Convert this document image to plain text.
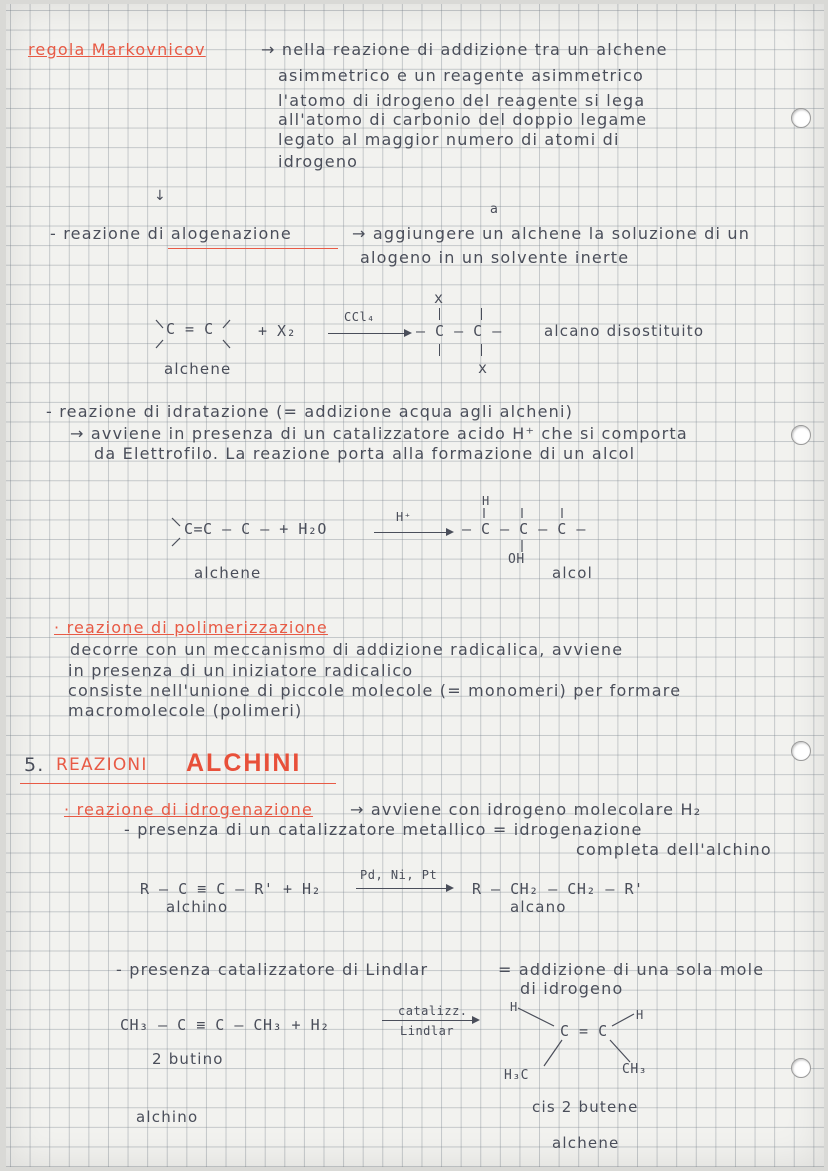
regola Markovnicov	→ nella reazione di addizione tra un alchene
asimmetrico e un reagente asimmetrico
l'atomo di idrogeno del reagente si lega
all'atomo di carbonio del doppio legame
legato al maggior numero di atomi di
idrogeno
↓
a
- reazione di alogenazione	→ aggiungere un alchene la soluzione di un
alogeno in un solvente inerte
x
C = C	+ X₂
CCl₄
– C – C –
x
alchene
alcano disostituito
- reazione di idratazione (= addizione acqua agli alcheni)
→ avviene in presenza di un catalizzatore acido H⁺ che si comporta
da Elettrofilo. La reazione porta alla formazione di un alcol
H
C=C – C – + H₂O
H⁺
– C – C – C –
OH
alchene	alcol
· reazione di polimerizzazione
decorre con un meccanismo di addizione radicalica, avviene
in presenza di un iniziatore radicalico
consiste nell'unione di piccole molecole (= monomeri) per formare
macromolecole (polimeri)
5. REAZIONI ALCHINI
· reazione di idrogenazione → avviene con idrogeno molecolare H₂
- presenza di un catalizzatore metallico = idrogenazione
completa dell'alchino
R – C ≡ C – R' + H₂
Pd, Ni, Pt
R – CH₂ – CH₂ – R'
alchino	alcano
- presenza catalizzatore di Lindlar	= addizione di una sola mole
di idrogeno
H
H
CH₃ – C ≡ C – CH₃ + H₂
catalizz.
Lindlar	C = C
H₃C	CH₃
2 butino
cis 2 butene
alchino
alchene
